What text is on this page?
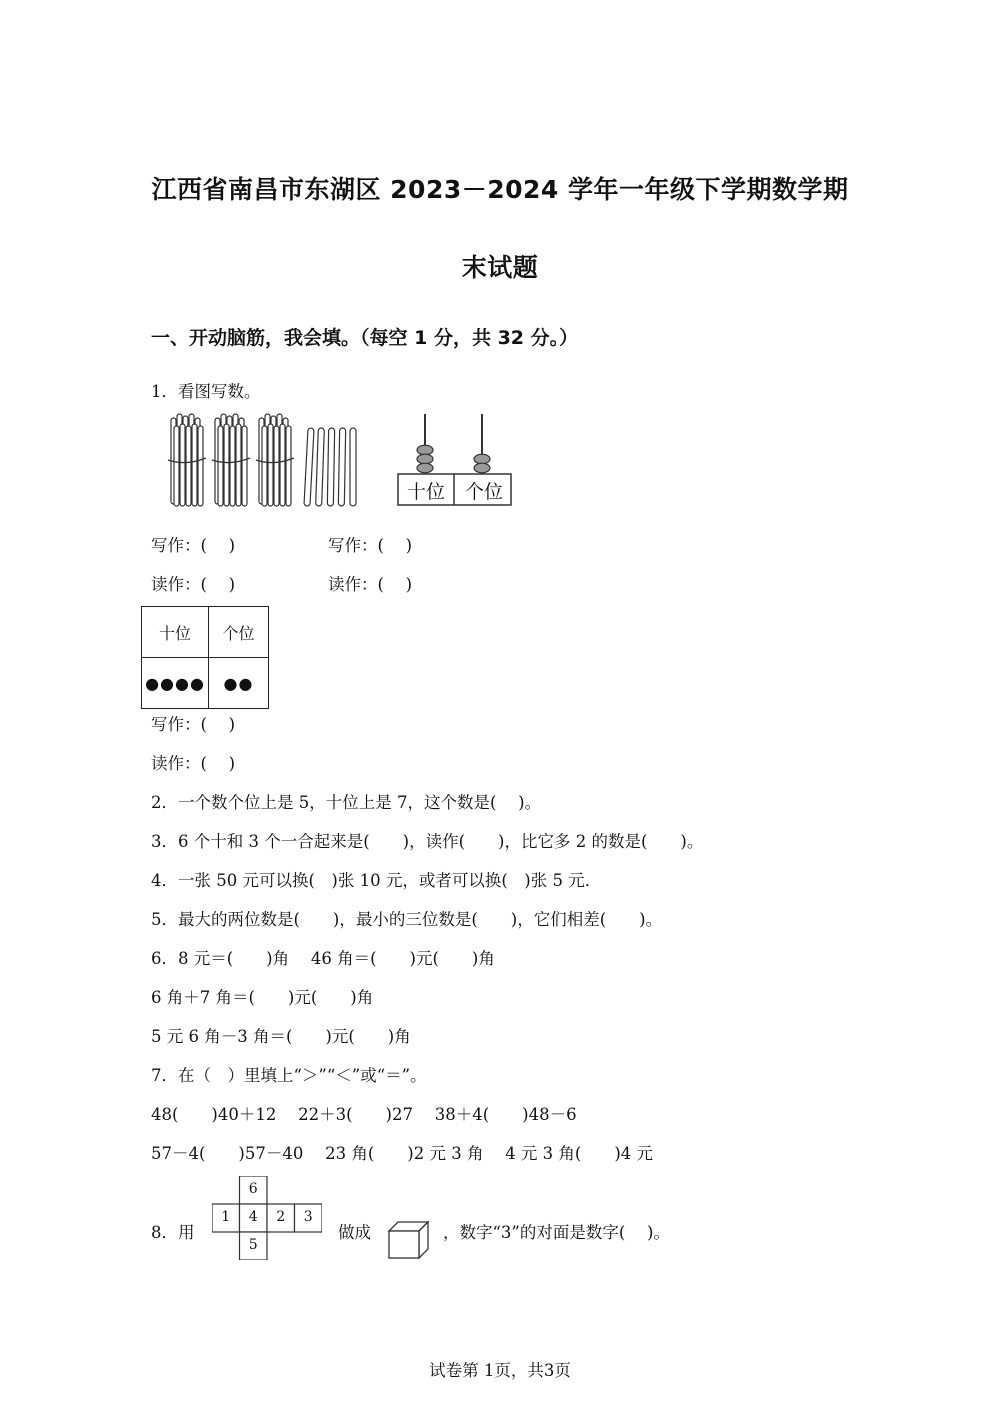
江西省南昌市东湖区 2023－2024 学年一年级下学期数学期
末试题
一、开动脑筋，我会填。（每空 1 分，共 32 分。）
1．看图写数。
十位	个位
写作：(　 )	写作：(　 )
读作：(　 )	读作：(　 )
十位	个位
●●●●	●●
写作：(　 )
读作：(　 )
2．一个数个位上是 5，十位上是 7，这个数是(　 )。
3．6 个十和 3 个一合起来是(　　)，读作(　　)，比它多 2 的数是(　　)。
4．一张 50 元可以换(　)张 10 元，或者可以换(　)张 5 元．
5．最大的两位数是(　　)，最小的三位数是(　　)，它们相差(　　)。
6．8 元＝(　　)角　 46 角＝(　　)元(　　)角
6 角＋7 角＝(　　)元(　　)角
5 元 6 角－3 角＝(　　)元(　　)角
7．在（　）里填上“＞”“＜”或“＝”。
48(　　)40＋12　 22＋3(　　)27　 38＋4(　　)48－6
57－4(　　)57－40　 23 角(　　)2 元 3 角　 4 元 3 角(　　)4 元
8．用
6
1	4	2	3
5
做成	，数字“3”的对面是数字(　 )。
试卷第 1页，共3页
